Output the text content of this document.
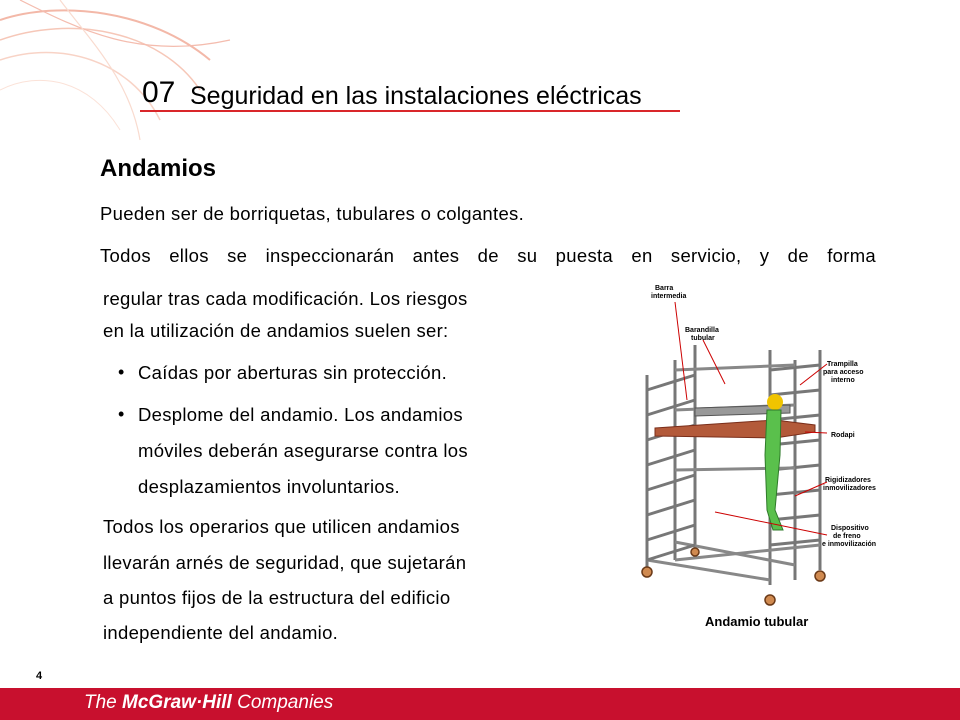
07 Seguridad en las instalaciones eléctricas
Andamios
Pueden ser de borriquetas, tubulares o colgantes.
Todos ellos se inspeccionarán antes de su puesta en servicio, y de forma
regular tras cada modificación. Los riesgos
en la utilización de andamios suelen ser:
• Caídas por aberturas sin protección.
• Desplome del andamio. Los andamios
móviles deberán asegurarse contra los
desplazamientos involuntarios.
Todos los operarios que utilicen andamios
llevarán arnés de seguridad, que sujetarán
a puntos fijos de la estructura del edificio
independiente del andamio.
Barra
intermedia
Barandilla
tubular
Trampilla
para acceso
interno
Rodapi
Rigidizadores
inmovilizadores
Dispositivo
de freno
e inmovilización
Andamio tubular
4
The McGraw·Hill Companies
